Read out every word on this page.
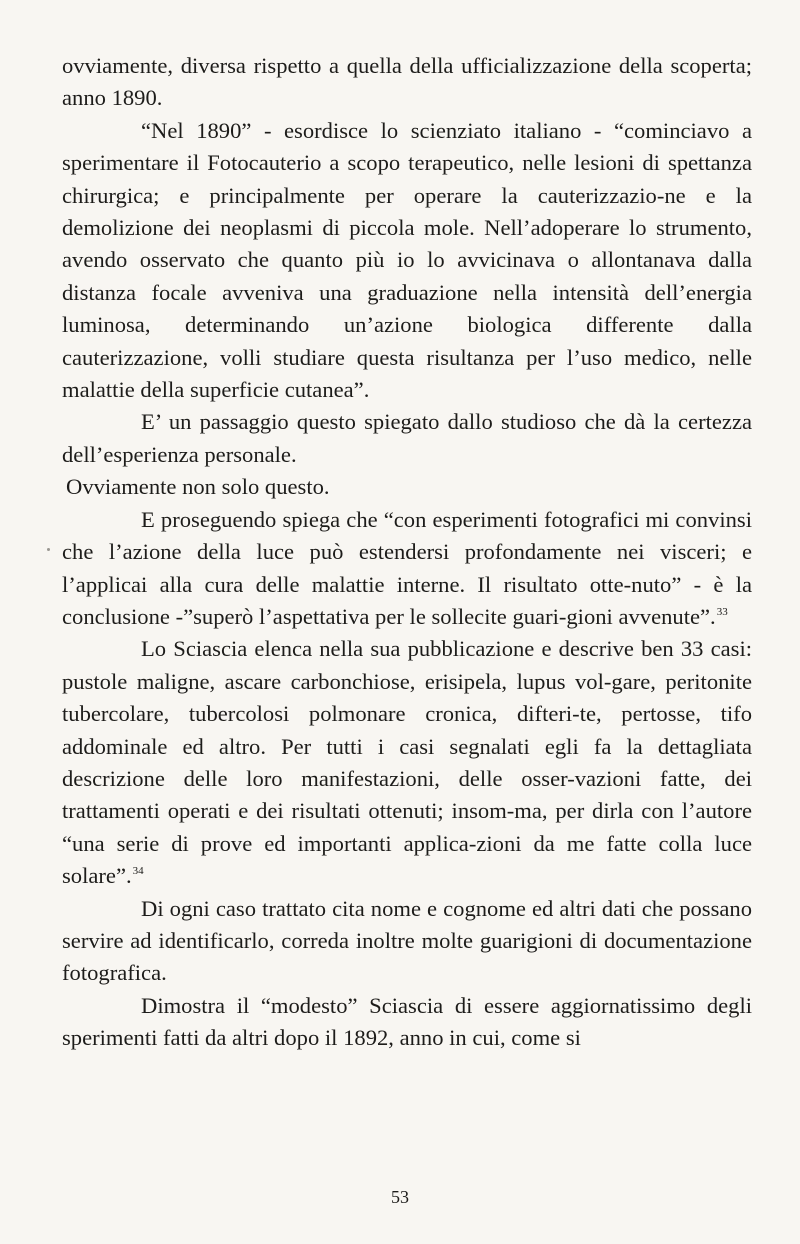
ovviamente, diversa rispetto a quella della ufficializzazione della scoperta; anno 1890.

“Nel 1890” - esordisce lo scienziato italiano - “cominciavo a sperimentare il Fotocauterio a scopo terapeutico, nelle lesioni di spettanza chirurgica; e principalmente per operare la cauterizzazio-ne e la demolizione dei neoplasmi di piccola mole. Nell’adoperare lo strumento, avendo osservato che quanto più io lo avvicinava o allontanava dalla distanza focale avveniva una graduazione nella intensità dell’energia luminosa, determinando un’azione biologica differente dalla cauterizzazione, volli studiare questa risultanza per l’uso medico, nelle malattie della superficie cutanea”.

E’ un passaggio questo spiegato dallo studioso che dà la certezza dell’esperienza personale.

Ovviamente non solo questo.

E proseguendo spiega che “con esperimenti fotografici mi convinsi che l’azione della luce può estendersi profondamente nei visceri; e l’applicai alla cura delle malattie interne. Il risultato otte-nuto” - è la conclusione -”superò l’aspettativa per le sollecite guari-gioni avvenute”.$^{33}$

Lo Sciascia elenca nella sua pubblicazione e descrive ben 33 casi: pustole maligne, ascare carbonchiose, erisipela, lupus vol-gare, peritonite tubercolare, tubercolosi polmonare cronica, difteri-te, pertosse, tifo addominale ed altro. Per tutti i casi segnalati egli fa la dettagliata descrizione delle loro manifestazioni, delle osser-vazioni fatte, dei trattamenti operati e dei risultati ottenuti; insom-ma, per dirla con l’autore “una serie di prove ed importanti applica-zioni da me fatte colla luce solare”.$^{34}$

Di ogni caso trattato cita nome e cognome ed altri dati che possano servire ad identificarlo, correda inoltre molte guarigioni di documentazione fotografica.

Dimostra il “modesto” Sciascia di essere aggiornatissimo degli sperimenti fatti da altri dopo il 1892, anno in cui, come si

53
